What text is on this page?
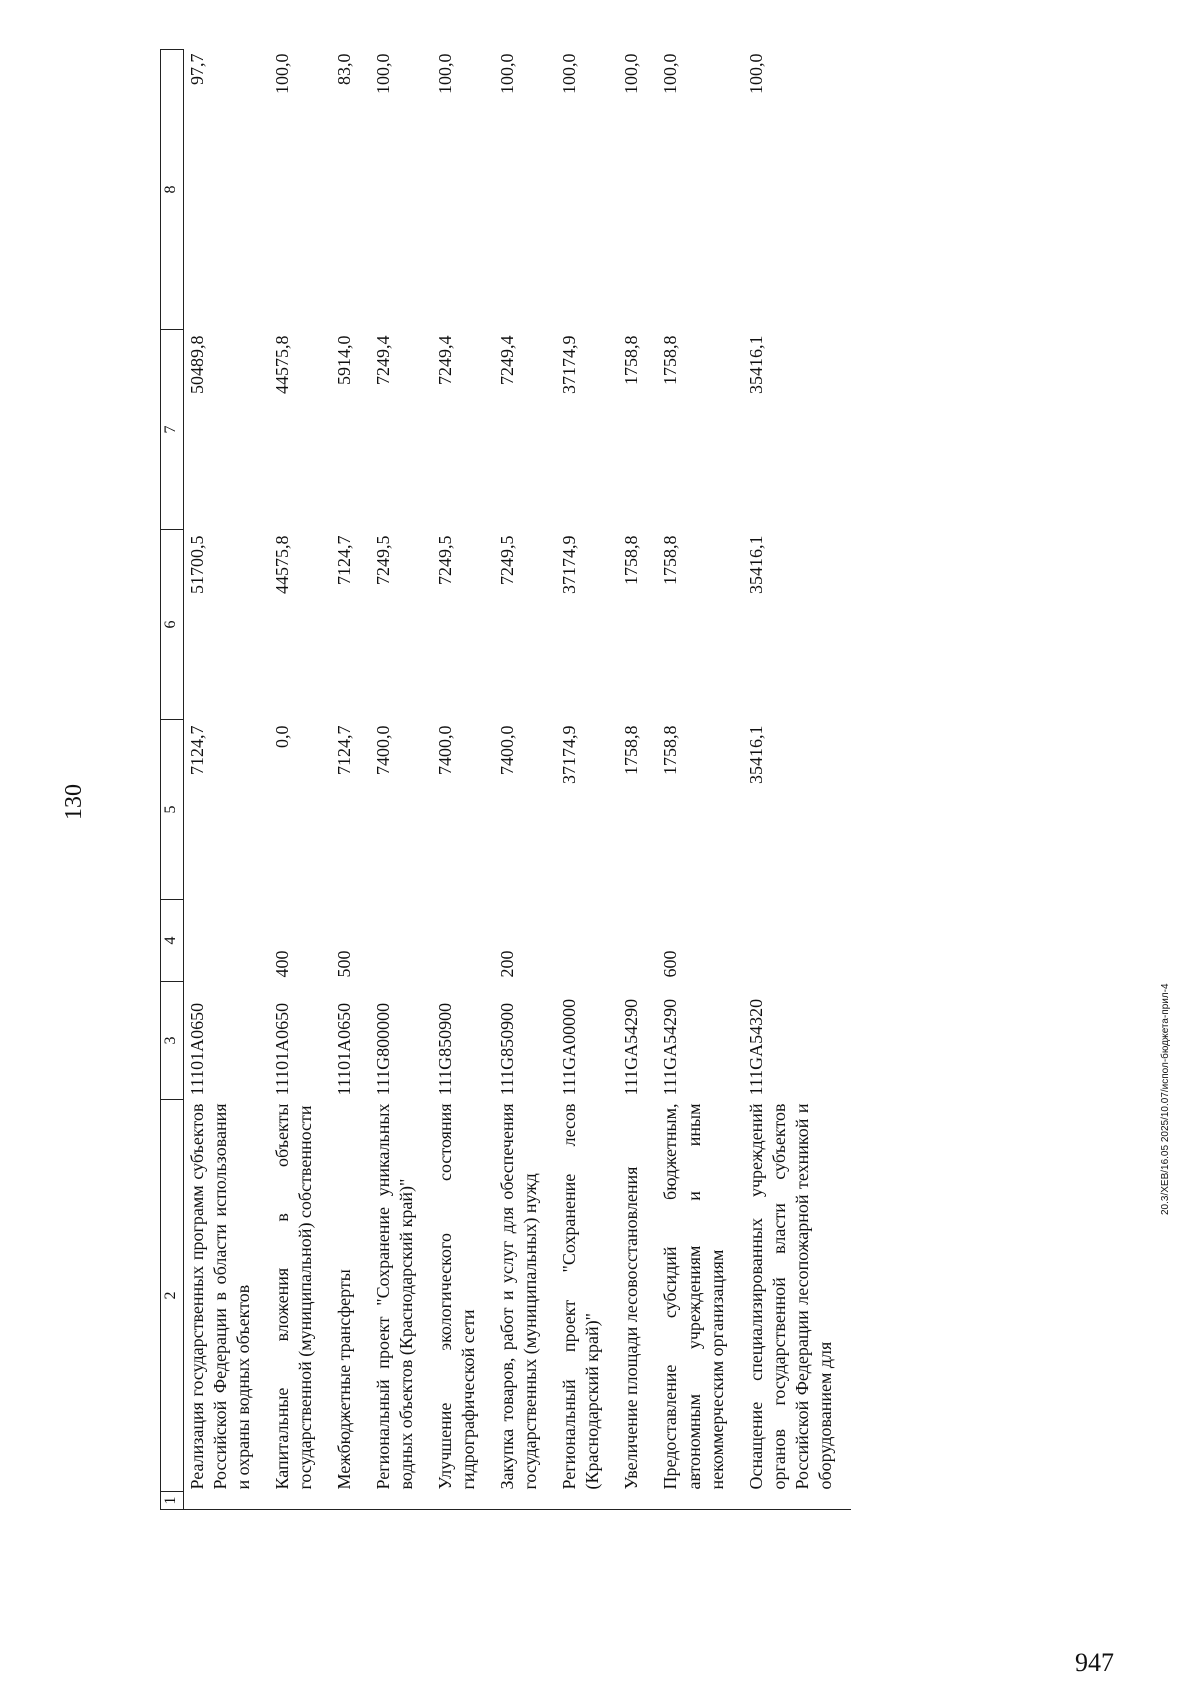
130
1	2	3	4	5	6	7	8
	Реализация государственных программ субъектов Российской Федерации в области использования и охраны водных объектов	11101A0650		7124,7	51700,5	50489,8	97,7
	Капитальные вложения в объекты государственной (муниципальной) собственности	11101A0650	400	0,0	44575,8	44575,8	100,0
	Межбюджетные трансферты	11101A0650	500	7124,7	7124,7	5914,0	83,0
	Региональный проект "Сохранение уникальных водных объектов (Краснодарский край)"	111G800000		7400,0	7249,5	7249,4	100,0
	Улучшение экологического состояния гидрографической сети	111G850900		7400,0	7249,5	7249,4	100,0
	Закупка товаров, работ и услуг для обеспечения государственных (муниципальных) нужд	111G850900	200	7400,0	7249,5	7249,4	100,0
	Региональный проект "Сохранение лесов (Краснодарский край)"	111GA00000		37174,9	37174,9	37174,9	100,0
	Увеличение площади лесовосстановления	111GA54290		1758,8	1758,8	1758,8	100,0
	Предоставление субсидий бюджетным, автономным учреждениям и иным некоммерческим организациям	111GA54290	600	1758,8	1758,8	1758,8	100,0
	Оснащение специализированных учреждений органов государственной власти субъектов Российской Федерации лесопожарной техникой и оборудованием для	111GA54320		35416,1	35416,1	35416,1	100,0
20.3/XEB/16.05 2025/10.07/испол-бюджета-прил-4
947
